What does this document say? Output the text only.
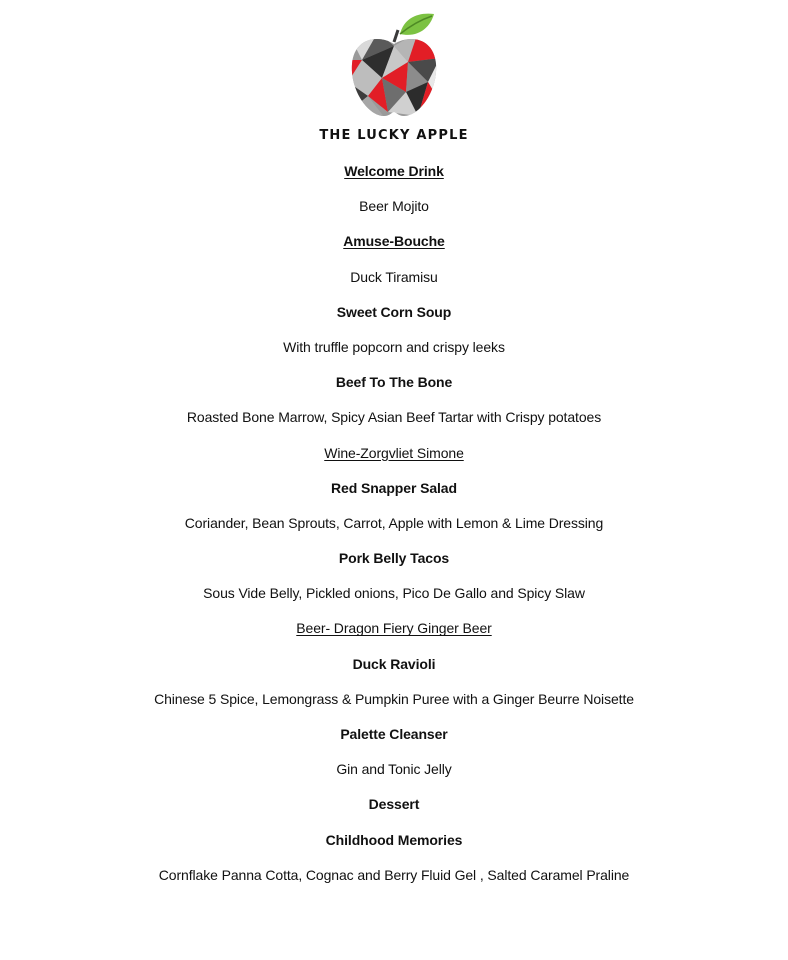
THE LUCKY APPLE
Welcome Drink
Beer Mojito
Amuse-Bouche
Duck Tiramisu
Sweet Corn Soup
With truffle popcorn and crispy leeks
Beef To The Bone
Roasted Bone Marrow, Spicy Asian Beef Tartar with Crispy potatoes
Wine-Zorgvliet Simone
Red Snapper Salad
Coriander, Bean Sprouts, Carrot, Apple with Lemon & Lime Dressing
Pork Belly Tacos
Sous Vide Belly, Pickled onions, Pico De Gallo and Spicy Slaw
Beer- Dragon Fiery Ginger Beer
Duck Ravioli
Chinese 5 Spice, Lemongrass & Pumpkin Puree with a Ginger Beurre Noisette
Palette Cleanser
Gin and Tonic Jelly
Dessert
Childhood Memories
Cornflake Panna Cotta, Cognac and Berry Fluid Gel , Salted Caramel Praline
